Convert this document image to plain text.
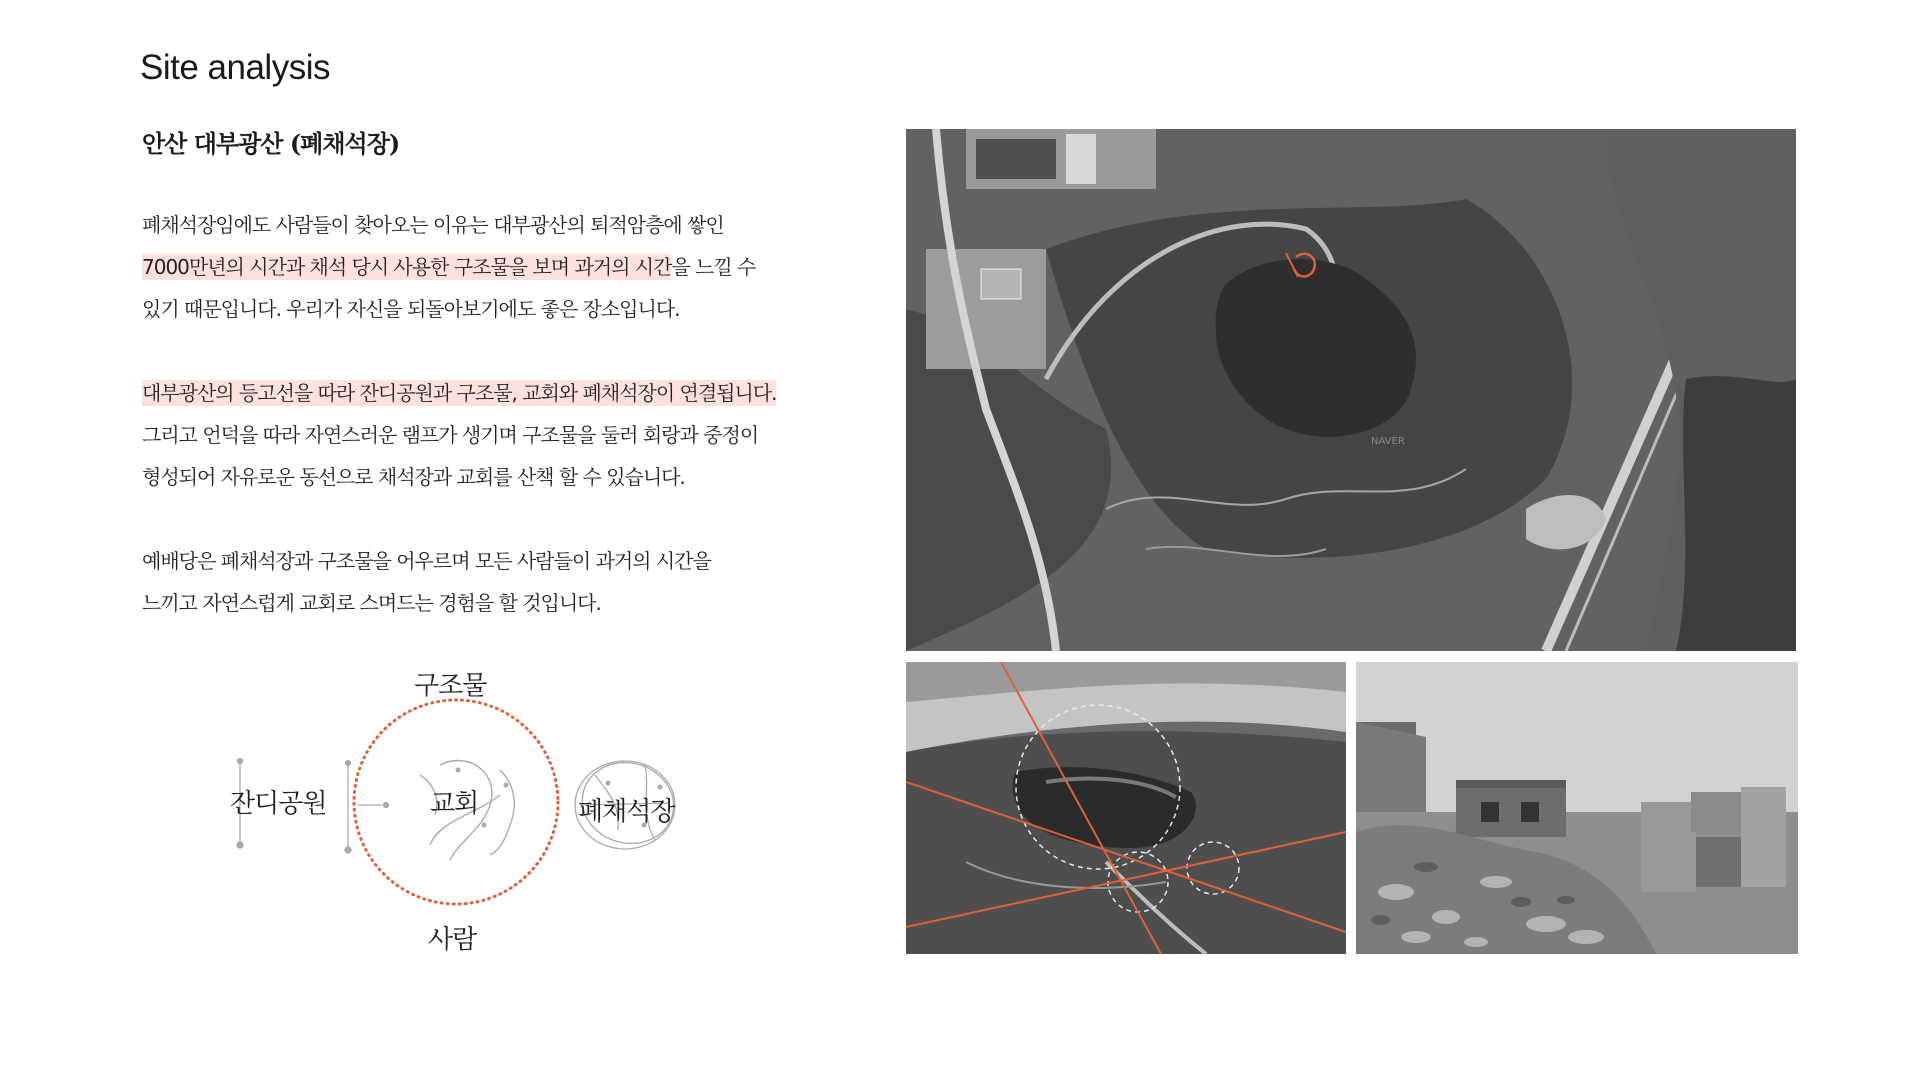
Site analysis
안산 대부광산 (폐채석장)
폐채석장임에도 사람들이 찾아오는 이유는 대부광산의 퇴적암층에 쌓인
7000만년의 시간과 채석 당시 사용한 구조물을 보며 과거의 시간을 느낄 수
있기 때문입니다. 우리가 자신을 되돌아보기에도 좋은 장소입니다.
대부광산의 등고선을 따라 잔디공원과 구조물, 교회와 폐채석장이 연결됩니다.
그리고 언덕을 따라 자연스러운 램프가 생기며 구조물을 둘러 회랑과 중정이
형성되어 자유로운 동선으로 채석장과 교회를 산책 할 수 있습니다.
예배당은 폐채석장과 구조물을 어우르며 모든 사람들이 과거의 시간을
느끼고 자연스럽게 교회로 스며드는 경험을 할 것입니다.
구조물
잔디공원	교회	폐채석장
사람
NAVER
